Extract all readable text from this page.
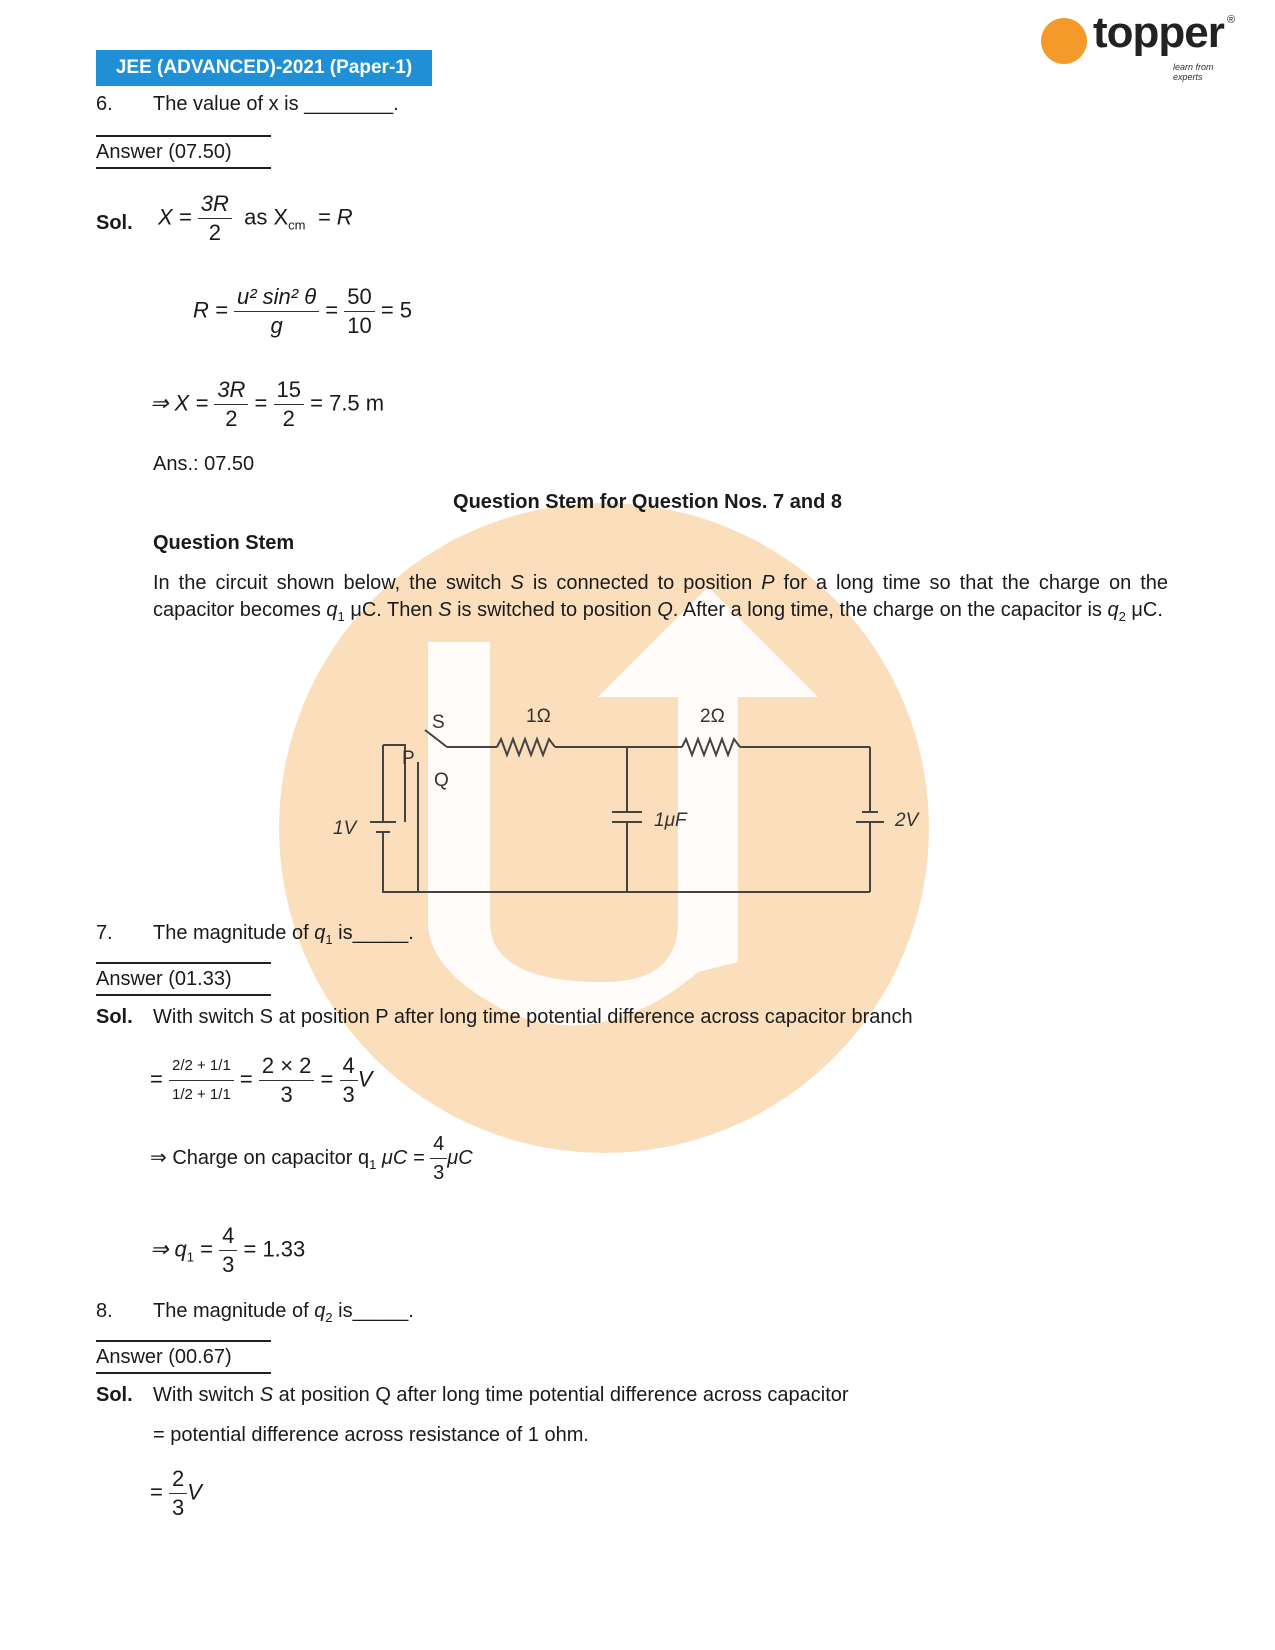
JEE (ADVANCED)-2021 (Paper-1)
topper ®
learn from experts
6.	The value of x is ________.
Answer (07.50)
Sol. $X = \frac{3R}{2}$ as $X_{cm} = R$
$R = \frac{\text{u² sin² θ}}{g} = \frac{50}{10} = 5$
⇒ $X = \frac{3R}{2} = \frac{15}{2} = 7.5$ m
Ans.: 07.50
Question Stem for Question Nos. 7 and 8
Question Stem
In the circuit shown below, the switch S is connected to position P for a long time so that the charge on the capacitor becomes $q_1$ μC. Then S is switched to position Q. After a long time, the charge on the capacitor is $q_2$ μC.
S
P
Q
1Ω	2Ω
1μF
1V	2V
7. The magnitude of $q_1$ is_____.
Answer (01.33)
Sol. With switch S at position P after long time potential difference across capacitor branch
= $\frac{2/2 + 1/1}{1/2 + 1/1} = \frac{2 \times 2}{3} = \frac{4}{3}$ V
⇒ Charge on capacitor $q_1$ $\mu C = \frac{4}{3}$ μC
⇒ $q_1 = \frac{4}{3} = 1.33$
8. The magnitude of $q_2$ is_____.
Answer (00.67)
Sol. With switch S at position Q after long time potential difference across capacitor
= potential difference across resistance of 1 ohm.
= $\frac{2}{3}$ V
